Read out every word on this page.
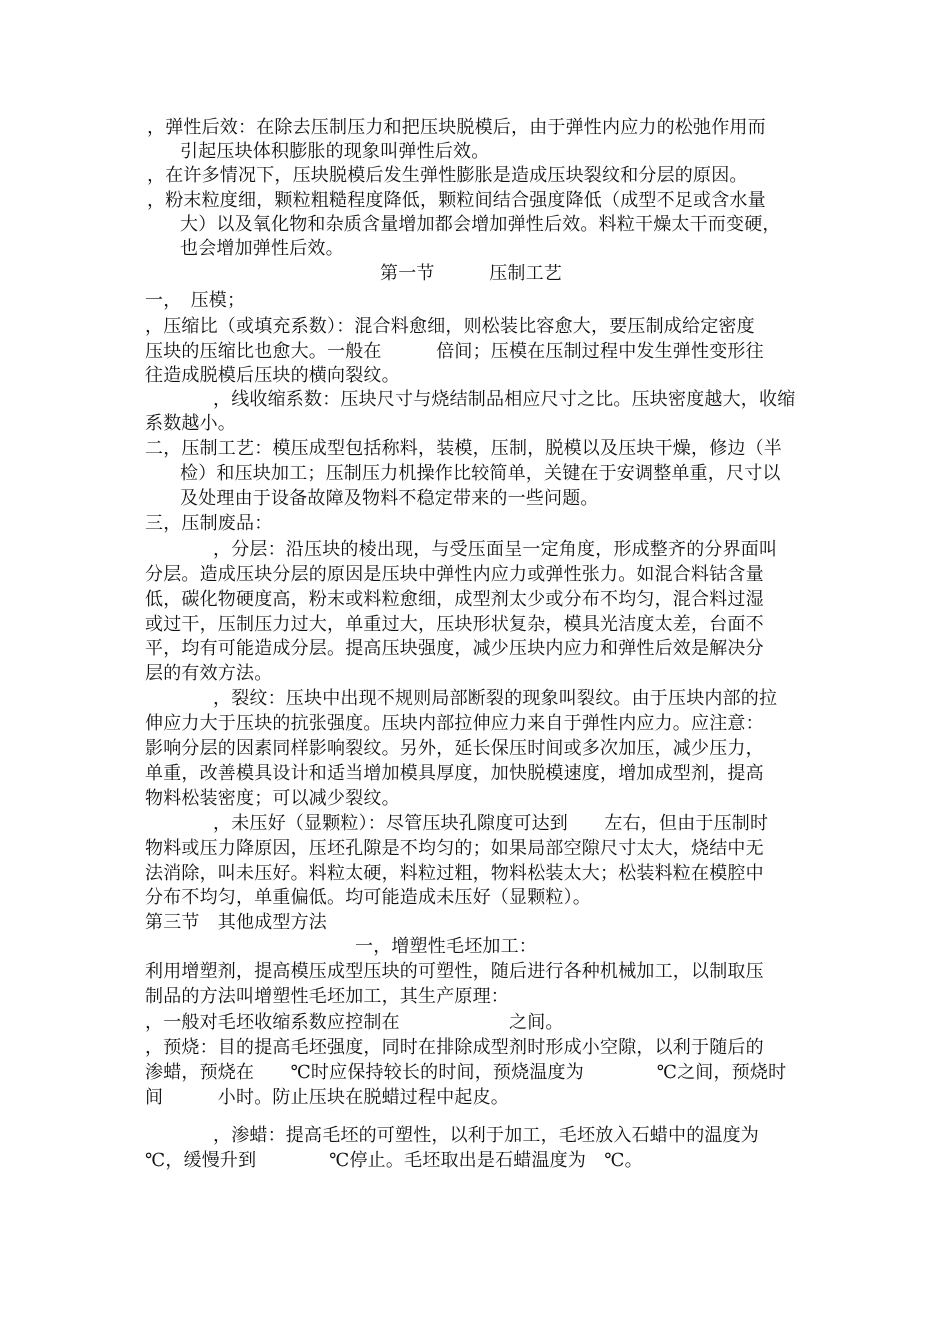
，弹性后效：在除去压制压力和把压块脱模后，由于弹性内应力的松弛作用而
引起压块体积膨胀的现象叫弹性后效。
，在许多情况下，压块脱模后发生弹性膨胀是造成压块裂纹和分层的原因。
，粉末粒度细，颗粒粗糙程度降低，颗粒间结合强度降低（成型不足或含水量
大）以及氧化物和杂质含量增加都会增加弹性后效。料粒干燥太干而变硬，
也会增加弹性后效。
第一节　　　压制工艺
一，　压模；
，压缩比（或填充系数）：混合料愈细，则松装比容愈大，要压制成给定密度
压块的压缩比也愈大。一般在　　　倍间；压模在压制过程中发生弹性变形往
往造成脱模后压块的横向裂纹。
，线收缩系数：压块尺寸与烧结制品相应尺寸之比。压块密度越大，收缩
系数越小。
二，压制工艺：模压成型包括称料，装模，压制，脱模以及压块干燥，修边（半
检）和压块加工；压制压力机操作比较简单，关键在于安调整单重，尺寸以
及处理由于设备故障及物料不稳定带来的一些问题。
三，压制废品：
，分层：沿压块的棱出现，与受压面呈一定角度，形成整齐的分界面叫
分层。造成压块分层的原因是压块中弹性内应力或弹性张力。如混合料钴含量
低，碳化物硬度高，粉末或料粒愈细，成型剂太少或分布不均匀，混合料过湿
或过干，压制压力过大，单重过大，压块形状复杂，模具光洁度太差，台面不
平，均有可能造成分层。提高压块强度，减少压块内应力和弹性后效是解决分
层的有效方法。
，裂纹：压块中出现不规则局部断裂的现象叫裂纹。由于压块内部的拉
伸应力大于压块的抗张强度。压块内部拉伸应力来自于弹性内应力。应注意：
影响分层的因素同样影响裂纹。另外，延长保压时间或多次加压，减少压力，
单重，改善模具设计和适当增加模具厚度，加快脱模速度，增加成型剂，提高
物料松装密度；可以减少裂纹。
，未压好（显颗粒）：尽管压块孔隙度可达到　　左右，但由于压制时
物料或压力降原因，压坯孔隙是不均匀的；如果局部空隙尺寸太大，烧结中无
法消除，叫未压好。料粒太硬，料粒过粗，物料松装太大；松装料粒在模腔中
分布不均匀，单重偏低。均可能造成未压好（显颗粒）。
第三节　其他成型方法
一，增塑性毛坯加工：
利用增塑剂，提高模压成型压块的可塑性，随后进行各种机械加工，以制取压
制品的方法叫增塑性毛坯加工，其生产原理：
，一般对毛坯收缩系数应控制在　　　　　　之间。
，预烧：目的提高毛坯强度，同时在排除成型剂时形成小空隙，以利于随后的
渗蜡，预烧在　　℃时应保持较长的时间，预烧温度为　　　　℃之间，预烧时
间　　　小时。防止压块在脱蜡过程中起皮。
，渗蜡：提高毛坯的可塑性，以利于加工，毛坯放入石蜡中的温度为
℃，缓慢升到　　　　℃停止。毛坯取出是石蜡温度为　℃。
